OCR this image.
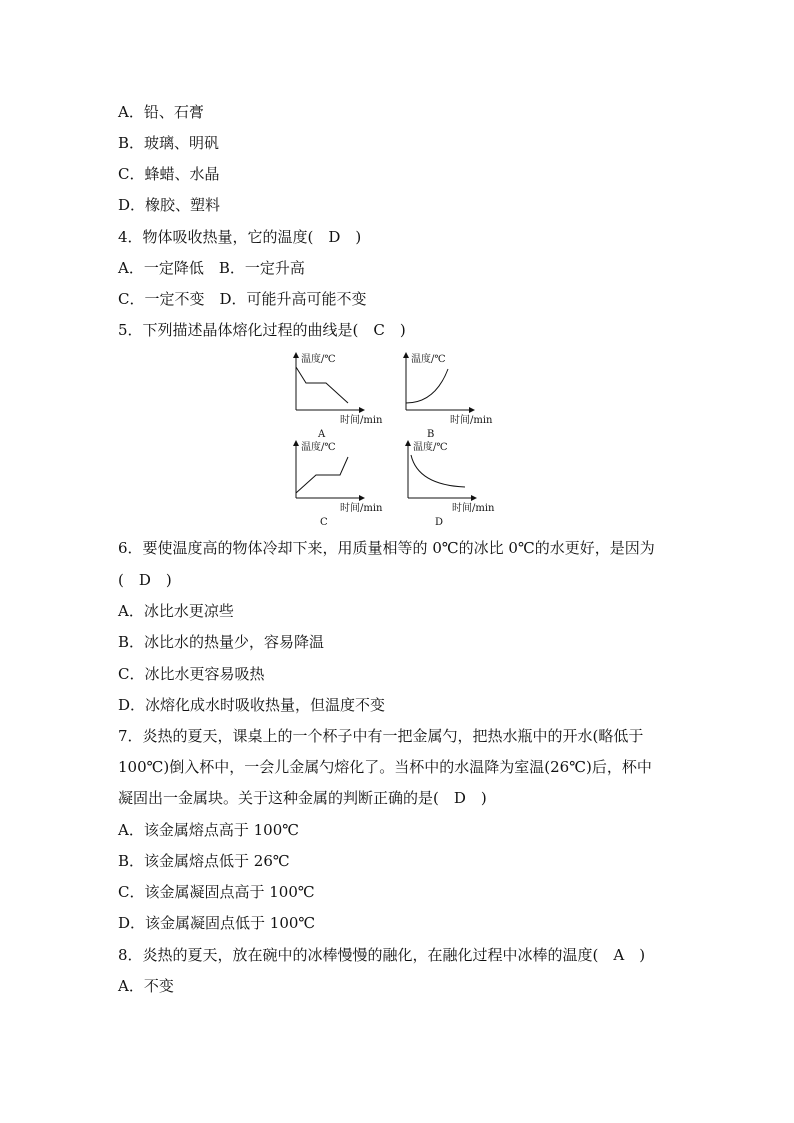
A．铅、石膏
B．玻璃、明矾
C．蜂蜡、水晶
D．橡胶、塑料
4．物体吸收热量，它的温度(　D　)
A．一定降低　B．一定升高
C．一定不变　D．可能升高可能不变
5．下列描述晶体熔化过程的曲线是(　C　)
温度/℃
时间/min
A
温度/℃
时间/min
B
温度/℃
时间/min
C
温度/℃
时间/min
D
6．要使温度高的物体冷却下来，用质量相等的 0℃的冰比 0℃的水更好，是因为
(　D　)
A．冰比水更凉些
B．冰比水的热量少，容易降温
C．冰比水更容易吸热
D．冰熔化成水时吸收热量，但温度不变
7．炎热的夏天，课桌上的一个杯子中有一把金属勺，把热水瓶中的开水(略低于
100℃)倒入杯中，一会儿金属勺熔化了。当杯中的水温降为室温(26℃)后，杯中
凝固出一金属块。关于这种金属的判断正确的是(　D　)
A．该金属熔点高于 100℃
B．该金属熔点低于 26℃
C．该金属凝固点高于 100℃
D．该金属凝固点低于 100℃
8．炎热的夏天，放在碗中的冰棒慢慢的融化，在融化过程中冰棒的温度(　A　)
A．不变
